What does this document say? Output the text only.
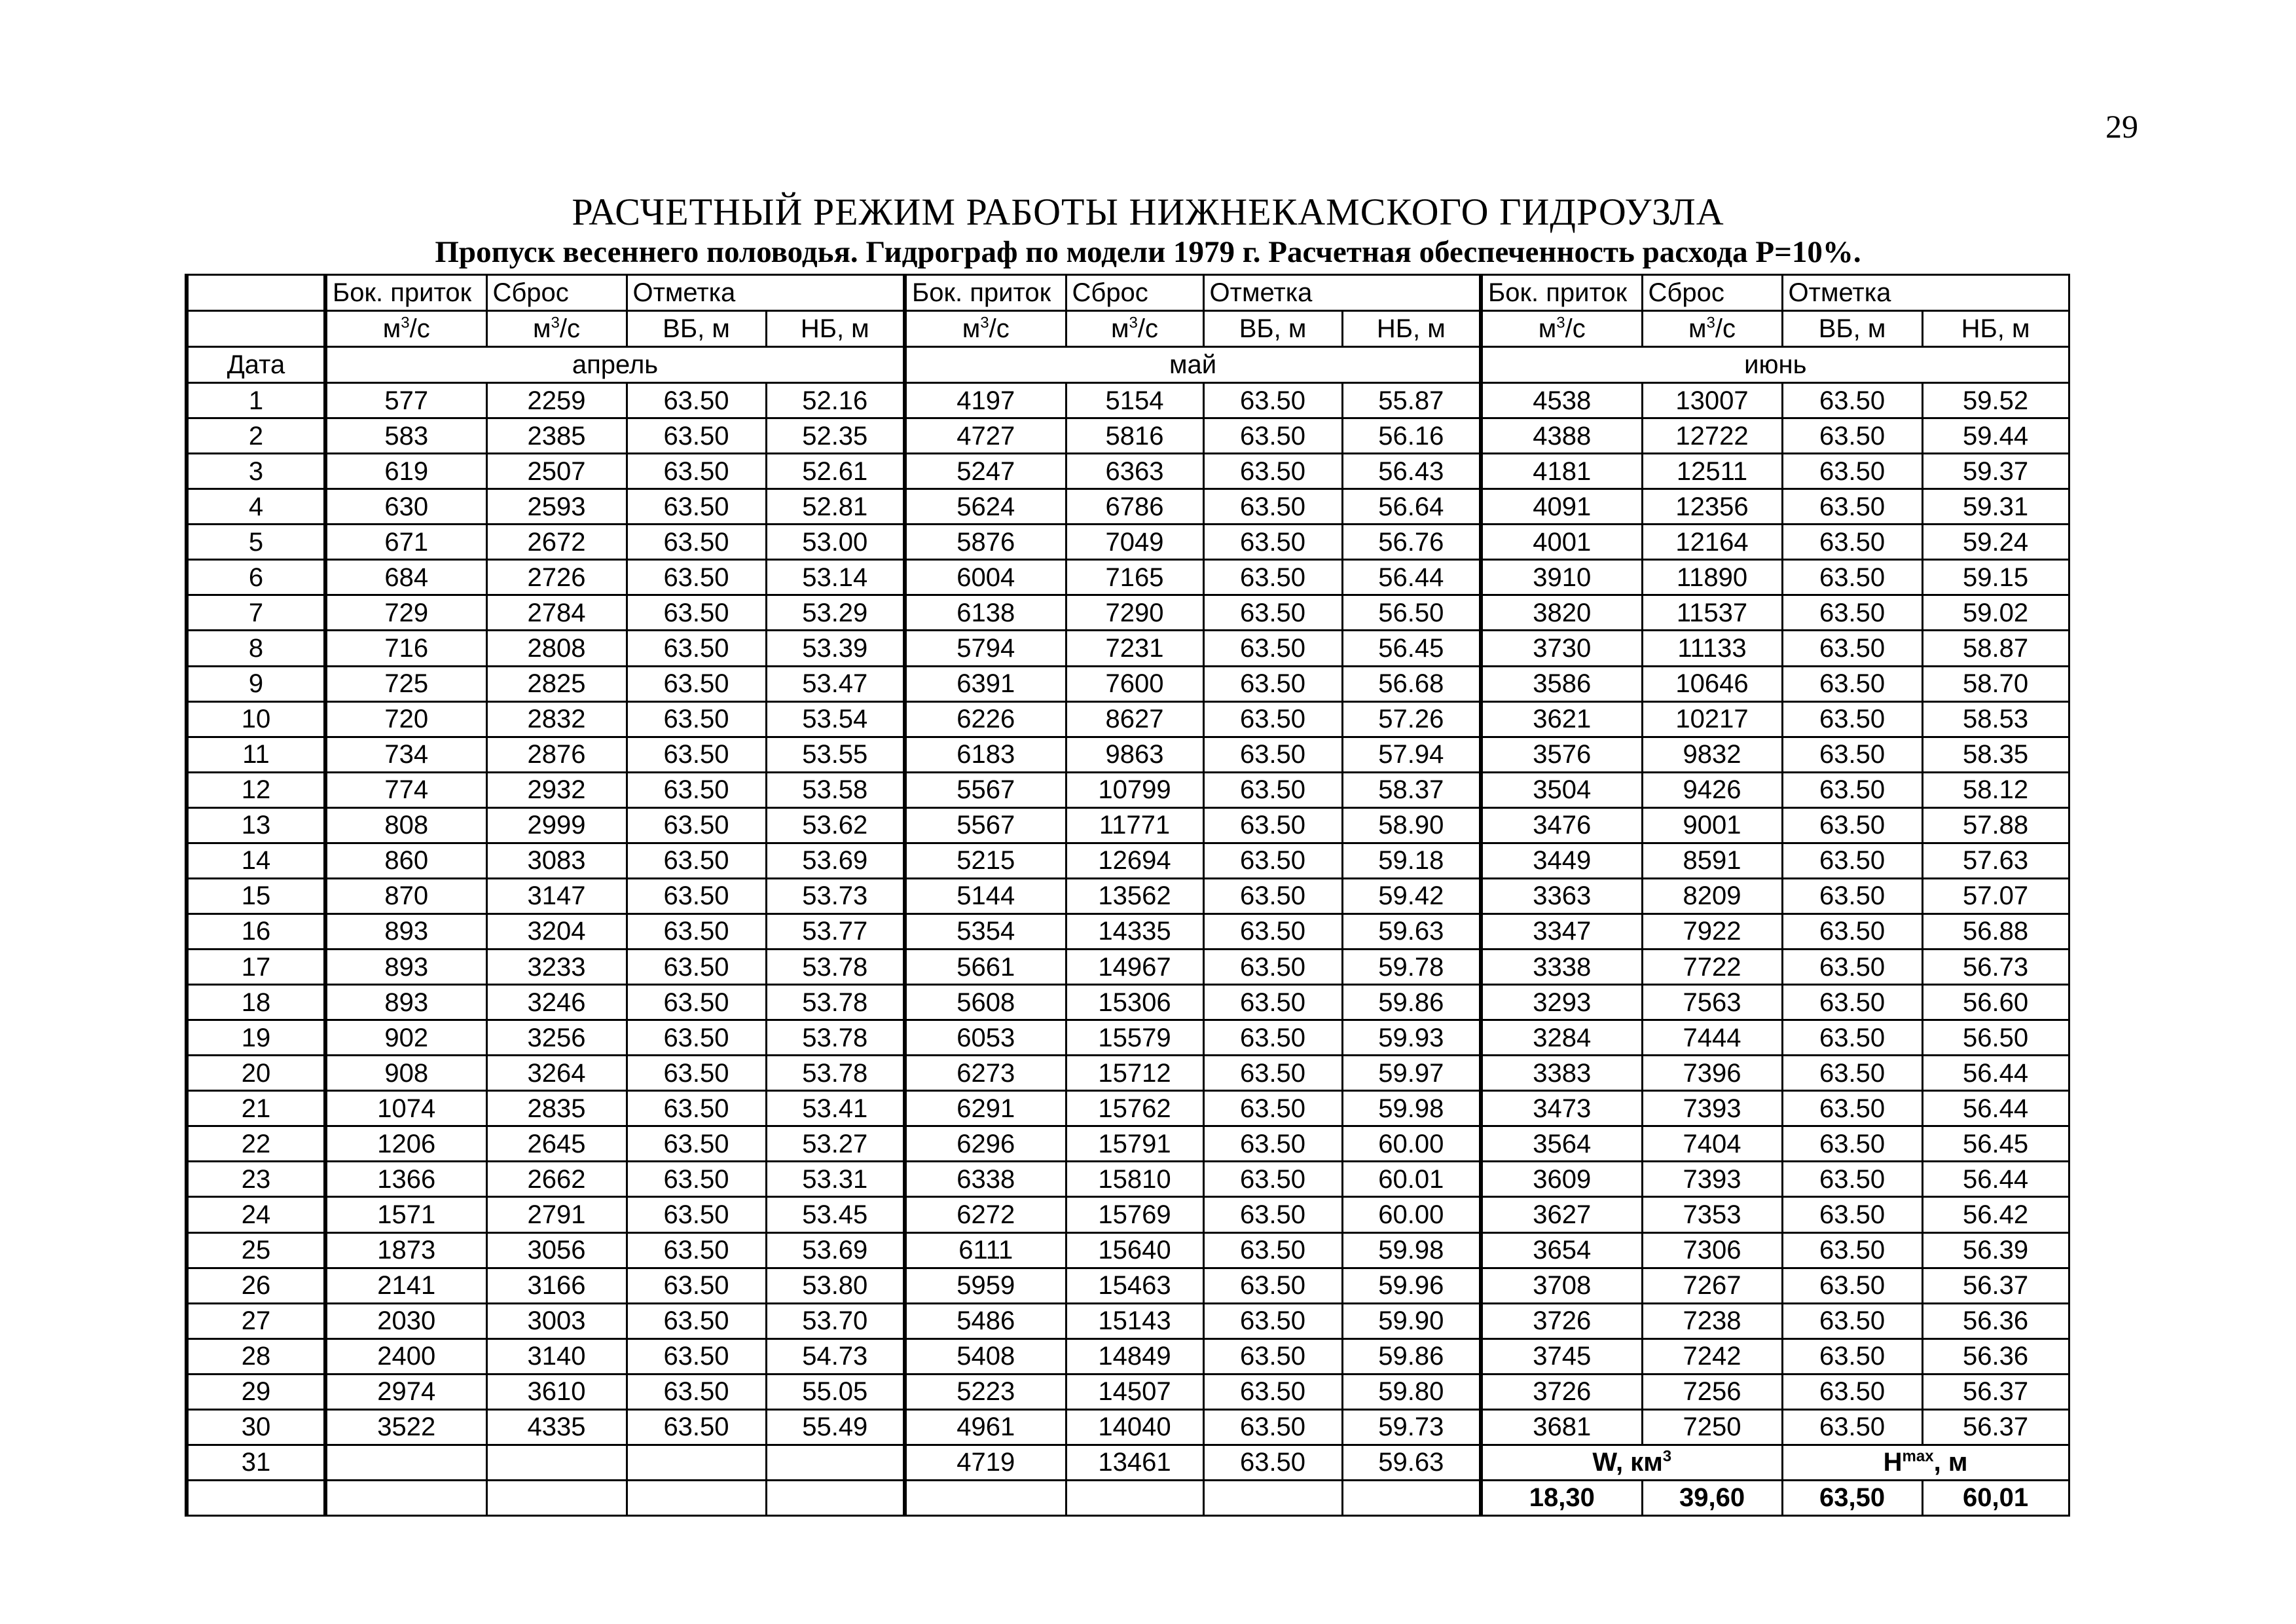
29
РАСЧЕТНЫЙ РЕЖИМ РАБОТЫ НИЖНЕКАМСКОГО ГИДРОУЗЛА
Пропуск весеннего половодья. Гидрограф по модели 1979 г. Расчетная обеспеченность расхода P=10%.
	Бок. приток	Сброс	Отметка		Бок. приток	Сброс	Отметка		Бок. приток	Сброс	Отметка	
	$м^3/с$	$м^3/с$	ВБ, м	НБ, м	$м^3/с$	$м^3/с$	ВБ, м	НБ, м	$м^3/с$	$м^3/с$	ВБ, м	НБ, м
Дата	апрель				май				июнь			
1	577	2259	63.50	52.16	4197	5154	63.50	55.87	4538	13007	63.50	59.52
2	583	2385	63.50	52.35	4727	5816	63.50	56.16	4388	12722	63.50	59.44
3	619	2507	63.50	52.61	5247	6363	63.50	56.43	4181	12511	63.50	59.37
4	630	2593	63.50	52.81	5624	6786	63.50	56.64	4091	12356	63.50	59.31
5	671	2672	63.50	53.00	5876	7049	63.50	56.76	4001	12164	63.50	59.24
6	684	2726	63.50	53.14	6004	7165	63.50	56.44	3910	11890	63.50	59.15
7	729	2784	63.50	53.29	6138	7290	63.50	56.50	3820	11537	63.50	59.02
8	716	2808	63.50	53.39	5794	7231	63.50	56.45	3730	11133	63.50	58.87
9	725	2825	63.50	53.47	6391	7600	63.50	56.68	3586	10646	63.50	58.70
10	720	2832	63.50	53.54	6226	8627	63.50	57.26	3621	10217	63.50	58.53
11	734	2876	63.50	53.55	6183	9863	63.50	57.94	3576	9832	63.50	58.35
12	774	2932	63.50	53.58	5567	10799	63.50	58.37	3504	9426	63.50	58.12
13	808	2999	63.50	53.62	5567	11771	63.50	58.90	3476	9001	63.50	57.88
14	860	3083	63.50	53.69	5215	12694	63.50	59.18	3449	8591	63.50	57.63
15	870	3147	63.50	53.73	5144	13562	63.50	59.42	3363	8209	63.50	57.07
16	893	3204	63.50	53.77	5354	14335	63.50	59.63	3347	7922	63.50	56.88
17	893	3233	63.50	53.78	5661	14967	63.50	59.78	3338	7722	63.50	56.73
18	893	3246	63.50	53.78	5608	15306	63.50	59.86	3293	7563	63.50	56.60
19	902	3256	63.50	53.78	6053	15579	63.50	59.93	3284	7444	63.50	56.50
20	908	3264	63.50	53.78	6273	15712	63.50	59.97	3383	7396	63.50	56.44
21	1074	2835	63.50	53.41	6291	15762	63.50	59.98	3473	7393	63.50	56.44
22	1206	2645	63.50	53.27	6296	15791	63.50	60.00	3564	7404	63.50	56.45
23	1366	2662	63.50	53.31	6338	15810	63.50	60.01	3609	7393	63.50	56.44
24	1571	2791	63.50	53.45	6272	15769	63.50	60.00	3627	7353	63.50	56.42
25	1873	3056	63.50	53.69	6111	15640	63.50	59.98	3654	7306	63.50	56.39
26	2141	3166	63.50	53.80	5959	15463	63.50	59.96	3708	7267	63.50	56.37
27	2030	3003	63.50	53.70	5486	15143	63.50	59.90	3726	7238	63.50	56.36
28	2400	3140	63.50	54.73	5408	14849	63.50	59.86	3745	7242	63.50	56.36
29	2974	3610	63.50	55.05	5223	14507	63.50	59.80	3726	7256	63.50	56.37
30	3522	4335	63.50	55.49	4961	14040	63.50	59.73	3681	7250	63.50	56.37
31					4719	13461	63.50	59.63	W, $км^3$		$H^{max}$, м	
									18,30	39,60	63,50	60,01
